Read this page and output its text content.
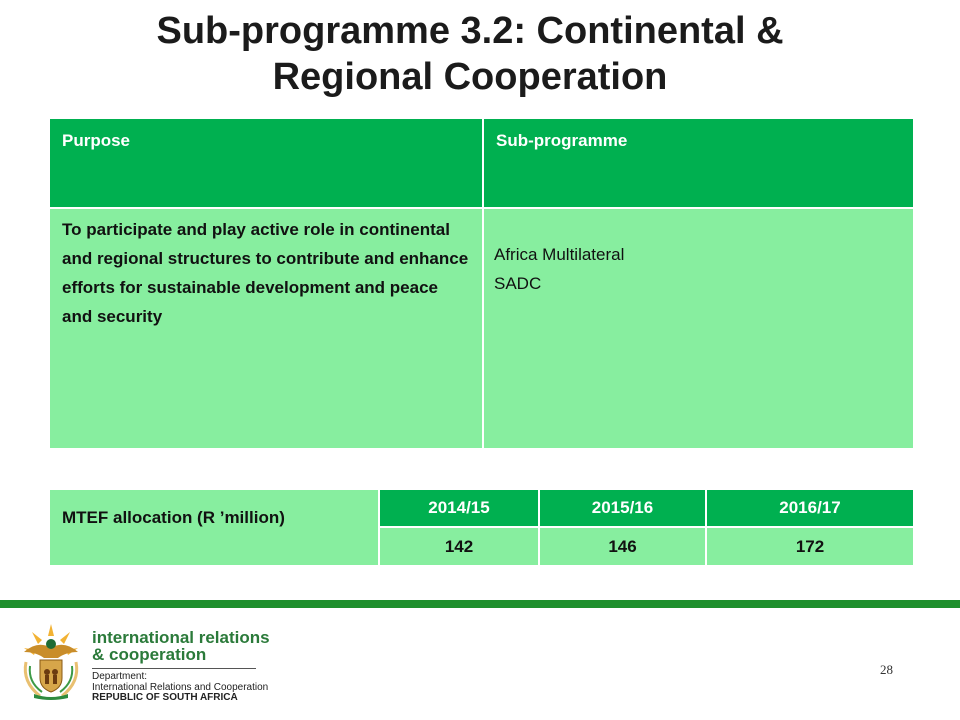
Sub-programme 3.2: Continental &
Regional Cooperation
Purpose	Sub-programme

To participate and play active role in continental and regional structures to contribute and enhance efforts for sustainable development and peace and security	Africa Multilateral
SADC
MTEF allocation (R ’million)	2014/15	2015/16	2016/17
	142	146	172
international relations
& cooperation
Department:
International Relations and Cooperation
REPUBLIC OF SOUTH AFRICA
28
